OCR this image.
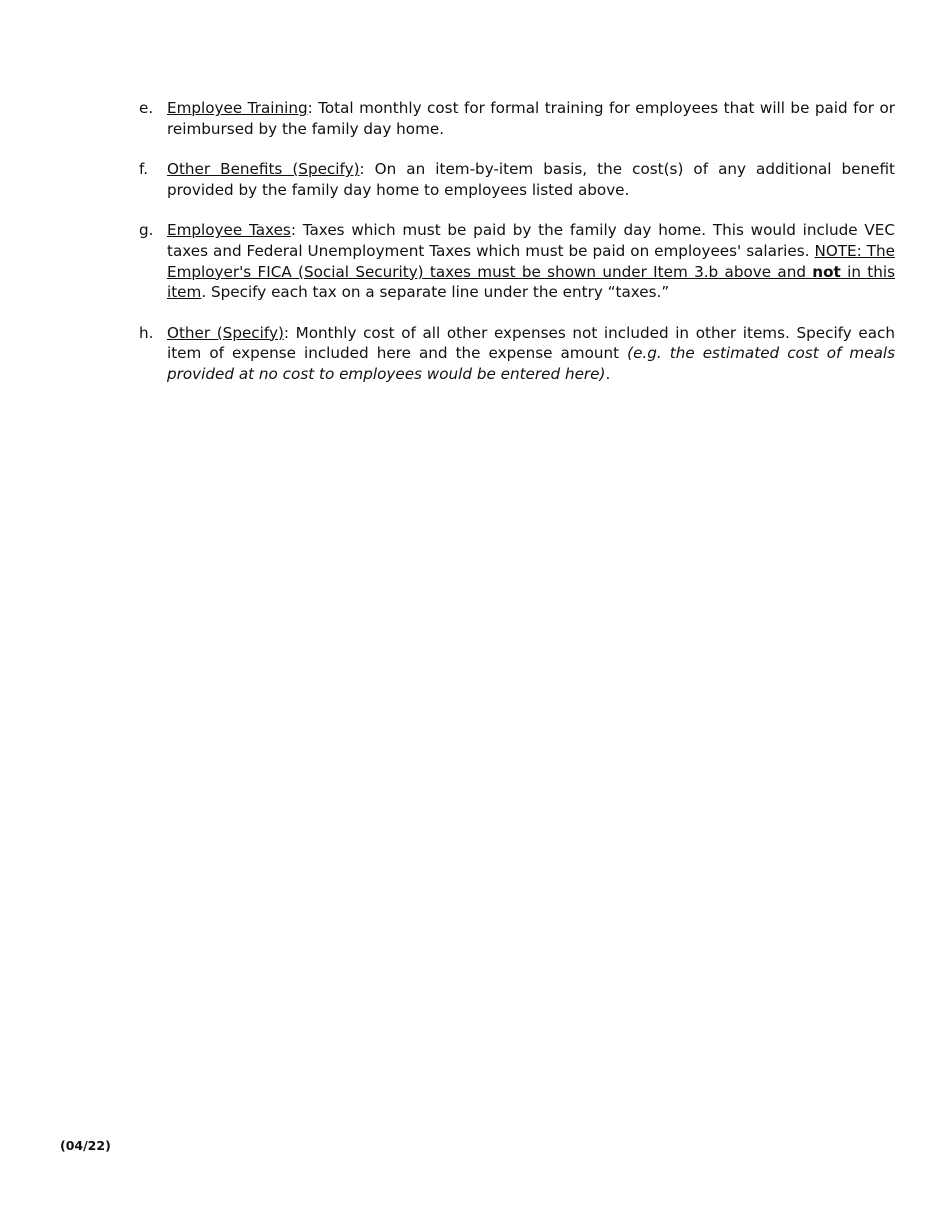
e. Employee Training: Total monthly cost for formal training for employees that will be paid for or reimbursed by the family day home.
f.	Other Benefits (Specify): On an item-by-item basis, the cost(s) of any additional benefit provided by the family day home to employees listed above.
g. Employee Taxes: Taxes which must be paid by the family day home. This would include VEC taxes and Federal Unemployment Taxes which must be paid on employees' salaries. NOTE: The Employer's FICA (Social Security) taxes must be shown under Item 3.b above and not in this item. Specify each tax on a separate line under the entry “taxes.”
h. Other (Specify): Monthly cost of all other expenses not included in other items. Specify each item of expense included here and the expense amount (e.g. the estimated cost of meals provided at no cost to employees would be entered here).
(04/22)
